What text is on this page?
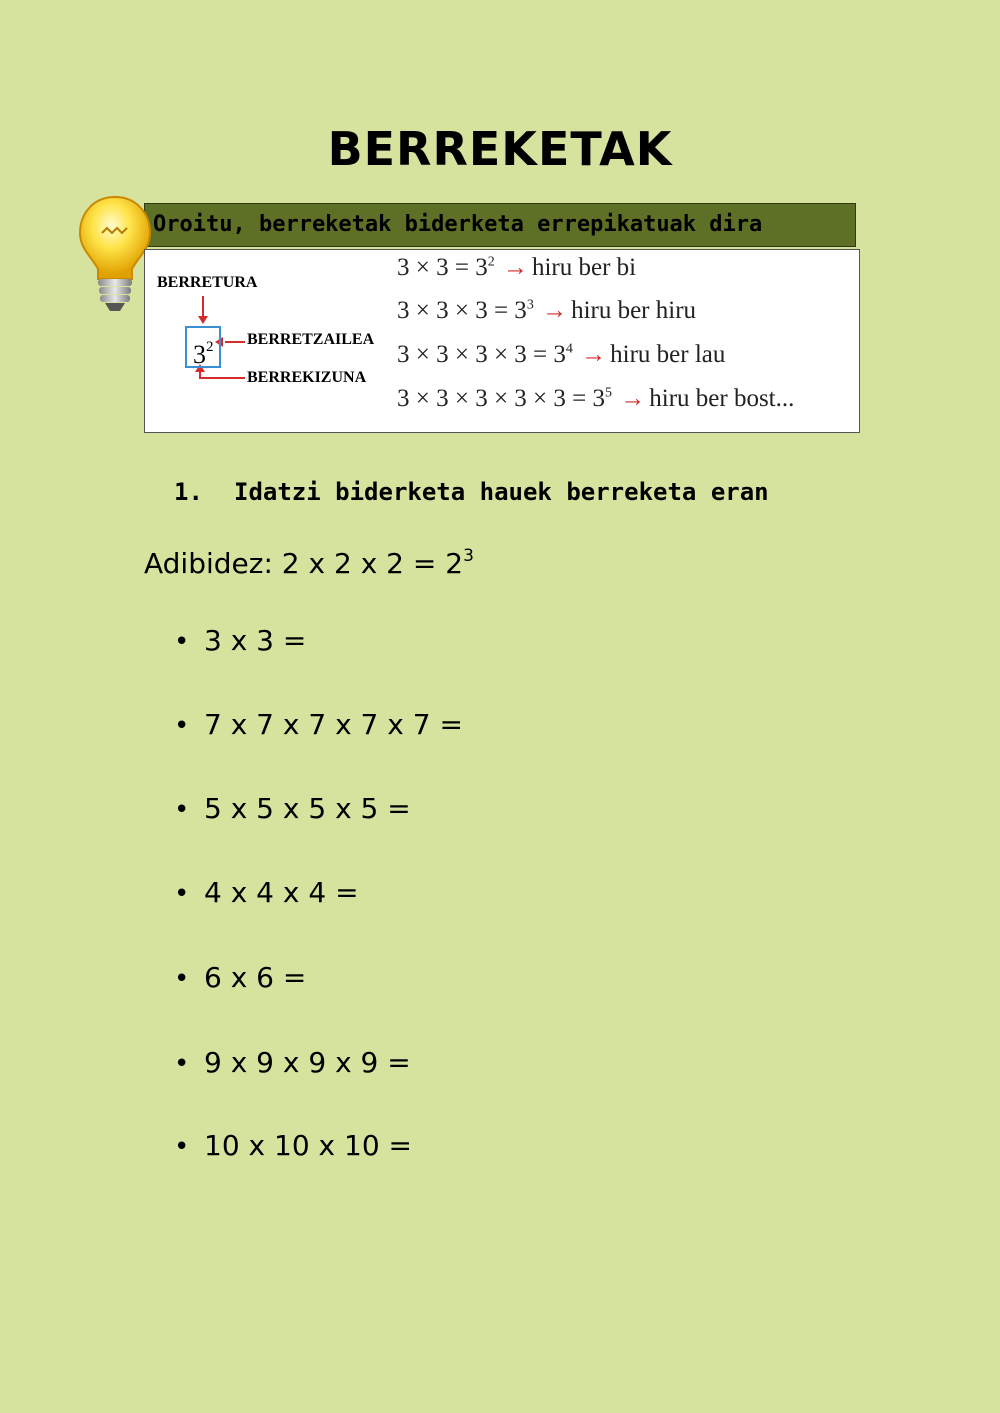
BERREKETAK
Oroitu, berreketak biderketa errepikatuak dira
BERRETURA
$3^2$	BERRETZAILEA
BERREKIZUNA
$3 \times 3 = 3^2$ → hiru ber bi
$3 \times 3 \times 3 = 3^3$ → hiru ber hiru
$3 \times 3 \times 3 \times 3 = 3^4$ → hiru ber lau
$3 \times 3 \times 3 \times 3 \times 3 = 3^5$ → hiru ber bost...
1. Idatzi biderketa hauek berreketa eran
Adibidez: 2 x 2 x $2 = 2^3$
• 3 x 3 =
• 7 x 7 x 7 x 7 x 7 =
• 5 x 5 x 5 x 5 =
• 4 x 4 x 4 =
• 6 x 6 =
• 9 x 9 x 9 x 9 =
• 10 x 10 x 10 =
